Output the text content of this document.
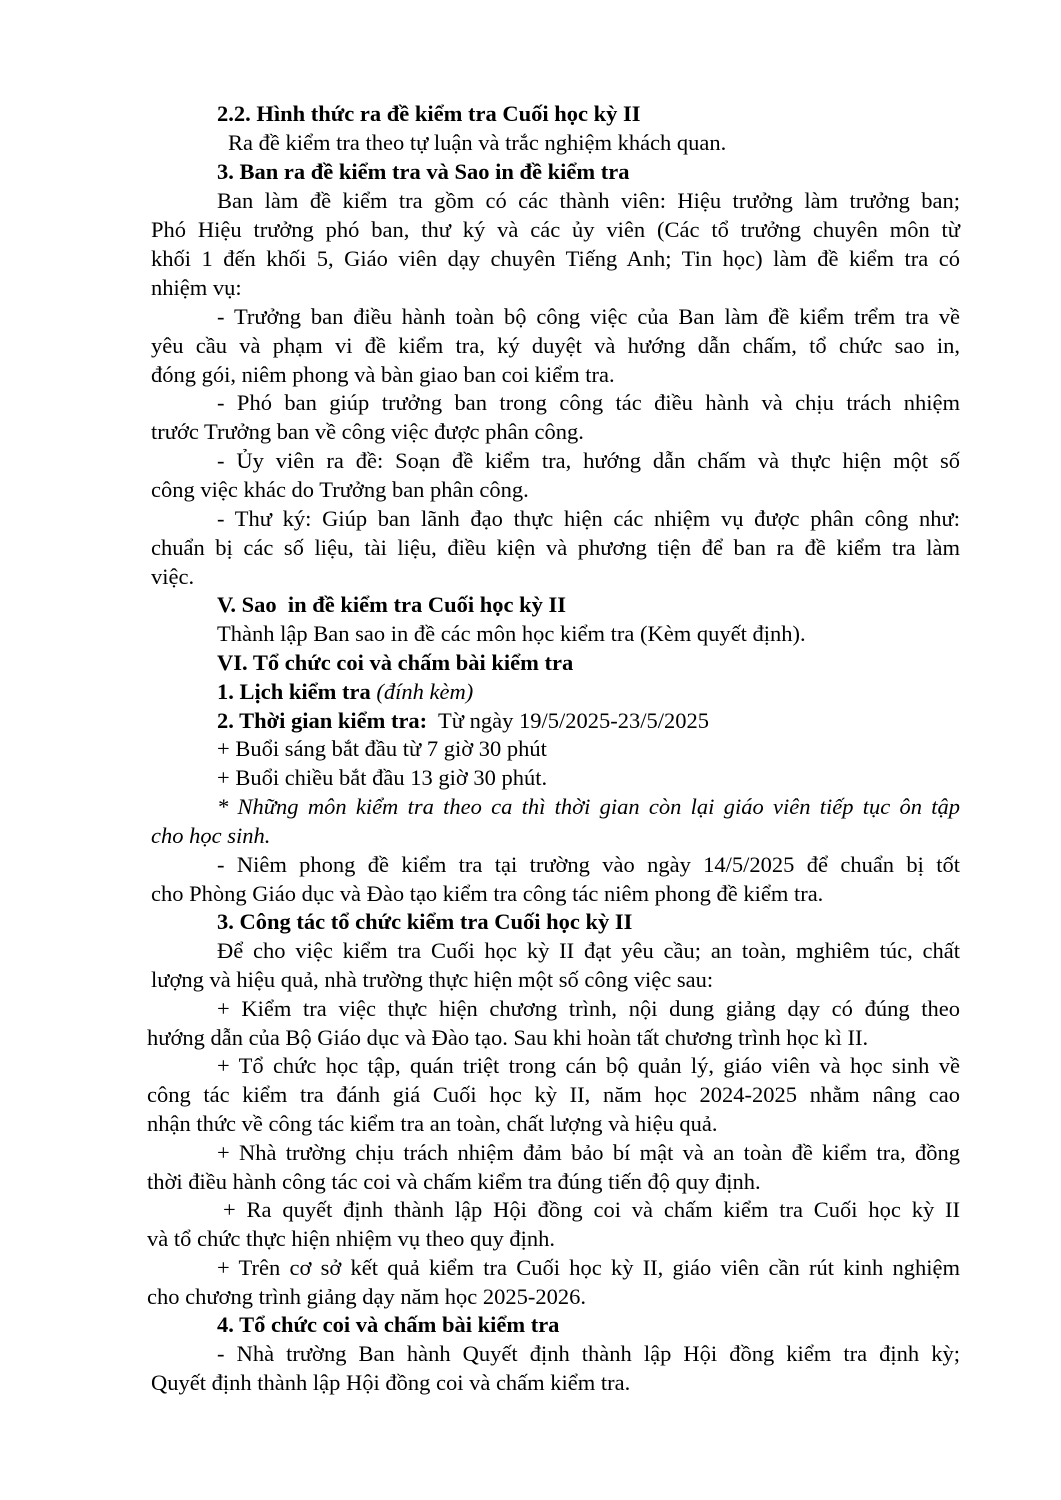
2.2. Hình thức ra đề kiểm tra Cuối học kỳ II
Ra đề kiểm tra theo tự luận và trắc nghiệm khách quan.
3. Ban ra đề kiểm tra và Sao in đề kiểm tra
Ban làm đề kiểm tra gồm có các thành viên: Hiệu trưởng làm trưởng ban;
Phó Hiệu trưởng phó ban, thư ký và các ủy viên (Các tổ trưởng chuyên môn từ
khối 1 đến khối 5, Giáo viên dạy chuyên Tiếng Anh; Tin học) làm đề kiểm tra có
nhiệm vụ:
- Trưởng ban điều hành toàn bộ công việc của Ban làm đề kiểm trểm tra về
yêu cầu và phạm vi đề kiểm tra, ký duyệt và hướng dẫn chấm, tổ chức sao in,
đóng gói, niêm phong và bàn giao ban coi kiểm tra.
- Phó ban giúp trưởng ban trong công tác điều hành và chịu trách nhiệm
trước Trưởng ban về công việc được phân công.
- Ủy viên ra đề: Soạn đề kiểm tra, hướng dẫn chấm và thực hiện một số
công việc khác do Trưởng ban phân công.
- Thư ký: Giúp ban lãnh đạo thực hiện các nhiệm vụ được phân công như:
chuẩn bị các số liệu, tài liệu, điều kiện và phương tiện để ban ra đề kiểm tra làm
việc.
V. Sao  in đề kiểm tra Cuối học kỳ II
Thành lập Ban sao in đề các môn học kiểm tra (Kèm quyết định).
VI. Tổ chức coi và chấm bài kiểm tra
1. Lịch kiểm tra (đính kèm)
2. Thời gian kiểm tra: Từ ngày 19/5/2025-23/5/2025
+ Buổi sáng bắt đầu từ 7 giờ 30 phút
+ Buổi chiều bắt đầu 13 giờ 30 phút.
* Những môn kiểm tra theo ca thì thời gian còn lại giáo viên tiếp tục ôn tập
cho học sinh.
- Niêm phong đề kiểm tra tại trường vào ngày 14/5/2025 để chuẩn bị tốt
cho Phòng Giáo dục và Đào tạo kiểm tra công tác niêm phong đề kiểm tra.
3. Công tác tổ chức kiểm tra Cuối học kỳ II
Để cho việc kiểm tra Cuối học kỳ II đạt yêu cầu; an toàn, mghiêm túc, chất
lượng và hiệu quả, nhà trường thực hiện một số công việc sau:
+ Kiểm tra việc thực hiện chương trình, nội dung giảng dạy có đúng theo
hướng dẫn của Bộ Giáo dục và Đào tạo. Sau khi hoàn tất chương trình học kì II.
+ Tổ chức học tập, quán triệt trong cán bộ quản lý, giáo viên và học sinh về
công tác kiểm tra đánh giá Cuối học kỳ II, năm học 2024-2025 nhằm nâng cao
nhận thức về công tác kiểm tra an toàn, chất lượng và hiệu quả.
+ Nhà trường chịu trách nhiệm đảm bảo bí mật và an toàn đề kiểm tra, đồng
thời điều hành công tác coi và chấm kiểm tra đúng tiến độ quy định.
+ Ra quyết định thành lập Hội đồng coi và chấm kiểm tra Cuối học kỳ II
và tổ chức thực hiện nhiệm vụ theo quy định.
+ Trên cơ sở kết quả kiểm tra Cuối học kỳ II, giáo viên cần rút kinh nghiệm
cho chương trình giảng dạy năm học 2025-2026.
4. Tổ chức coi và chấm bài kiểm tra
- Nhà trường Ban hành Quyết định thành lập Hội đồng kiểm tra định kỳ;
Quyết định thành lập Hội đồng coi và chấm kiểm tra.
